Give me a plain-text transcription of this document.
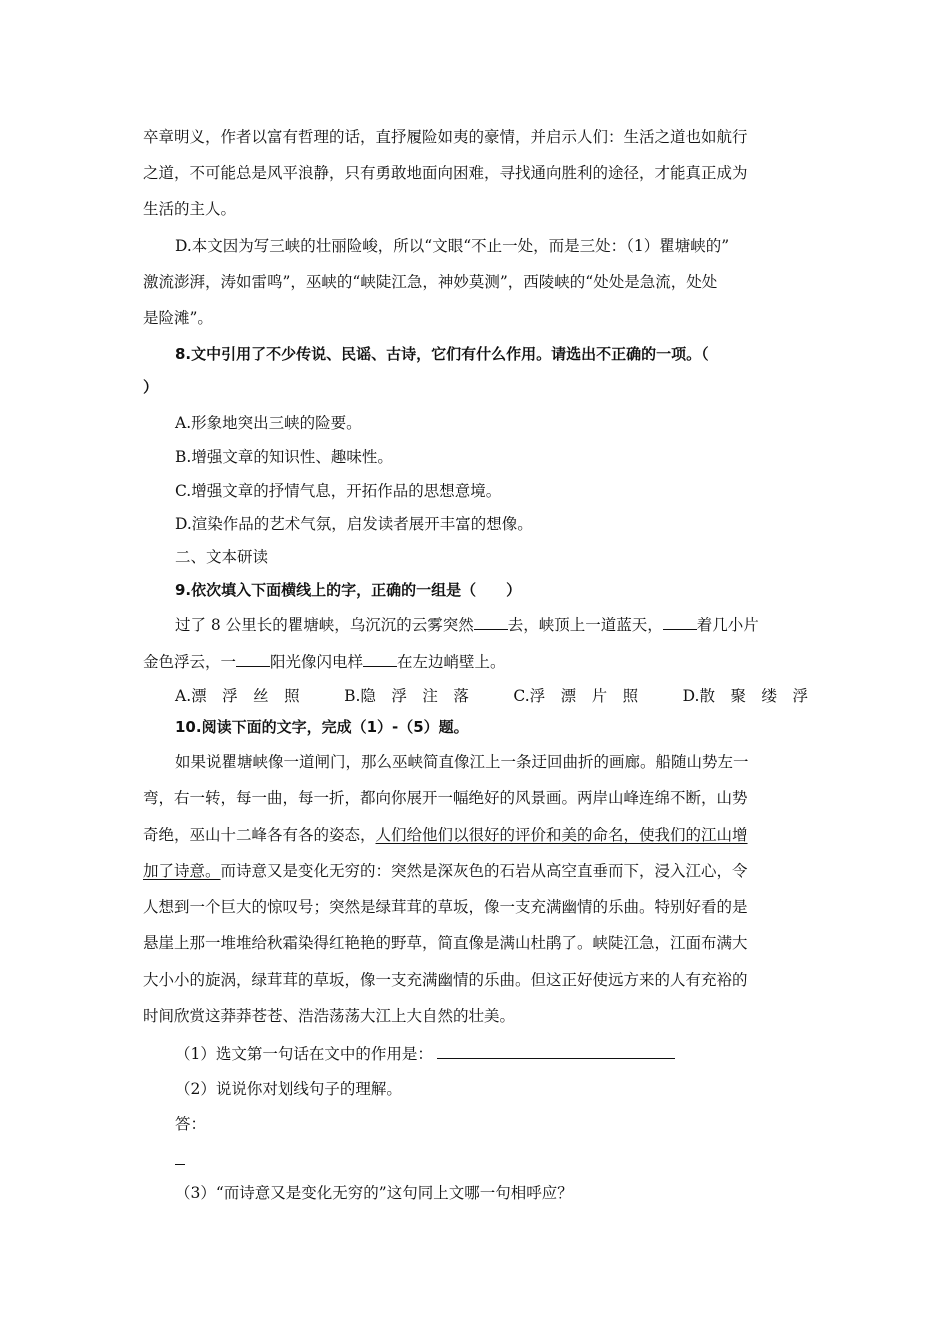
卒章明义，作者以富有哲理的话，直抒履险如夷的豪情，并启示人们：生活之道也如航行
之道，不可能总是风平浪静，只有勇敢地面向困难，寻找通向胜利的途径，才能真正成为
生活的主人。
D.本文因为写三峡的壮丽险峻，所以“文眼“不止一处，而是三处：（1）瞿塘峡的”
激流澎湃，涛如雷鸣”，巫峡的“峡陡江急，神妙莫测”，西陵峡的“处处是急流，处处
是险滩”。
8.文中引用了不少传说、民谣、古诗，它们有什么作用。请选出不正确的一项。（
）
A.形象地突出三峡的险要。
B.增强文章的知识性、趣味性。
C.增强文章的抒情气息，开拓作品的思想意境。
D.渲染作品的艺术气氛，启发读者展开丰富的想像。
二、文本研读
9.依次填入下面横线上的字，正确的一组是（　　）
过了 8 公里长的瞿塘峡，乌沉沉的云雾突然 去，峡顶上一道蓝天， 着几小片
金色浮云，一 阳光像闪电样 在左边峭壁上。
A.漂　浮　丝　照	B.隐　浮　注　落	C.浮　漂　片　照	D.散　聚　缕　浮
10.阅读下面的文字，完成（1）-（5）题。
如果说瞿塘峡像一道闸门，那么巫峡简直像江上一条迂回曲折的画廊。船随山势左一
弯，右一转，每一曲，每一折，都向你展开一幅绝好的风景画。两岸山峰连绵不断，山势
奇绝，巫山十二峰各有各的姿态，人们给他们以很好的评价和美的命名，使我们的江山增
加了诗意。而诗意又是变化无穷的：突然是深灰色的石岩从高空直垂而下，浸入江心，令
人想到一个巨大的惊叹号；突然是绿茸茸的草坂，像一支充满幽情的乐曲。特别好看的是
悬崖上那一堆堆给秋霜染得红艳艳的野草，简直像是满山杜鹃了。峡陡江急，江面布满大
大小小的旋涡，绿茸茸的草坂，像一支充满幽情的乐曲。但这正好使远方来的人有充裕的
时间欣赏这莽莽苍苍、浩浩荡荡大江上大自然的壮美。
（1）选文第一句话在文中的作用是：
（2）说说你对划线句子的理解。
答：
（3）“而诗意又是变化无穷的”这句同上文哪一句相呼应？
